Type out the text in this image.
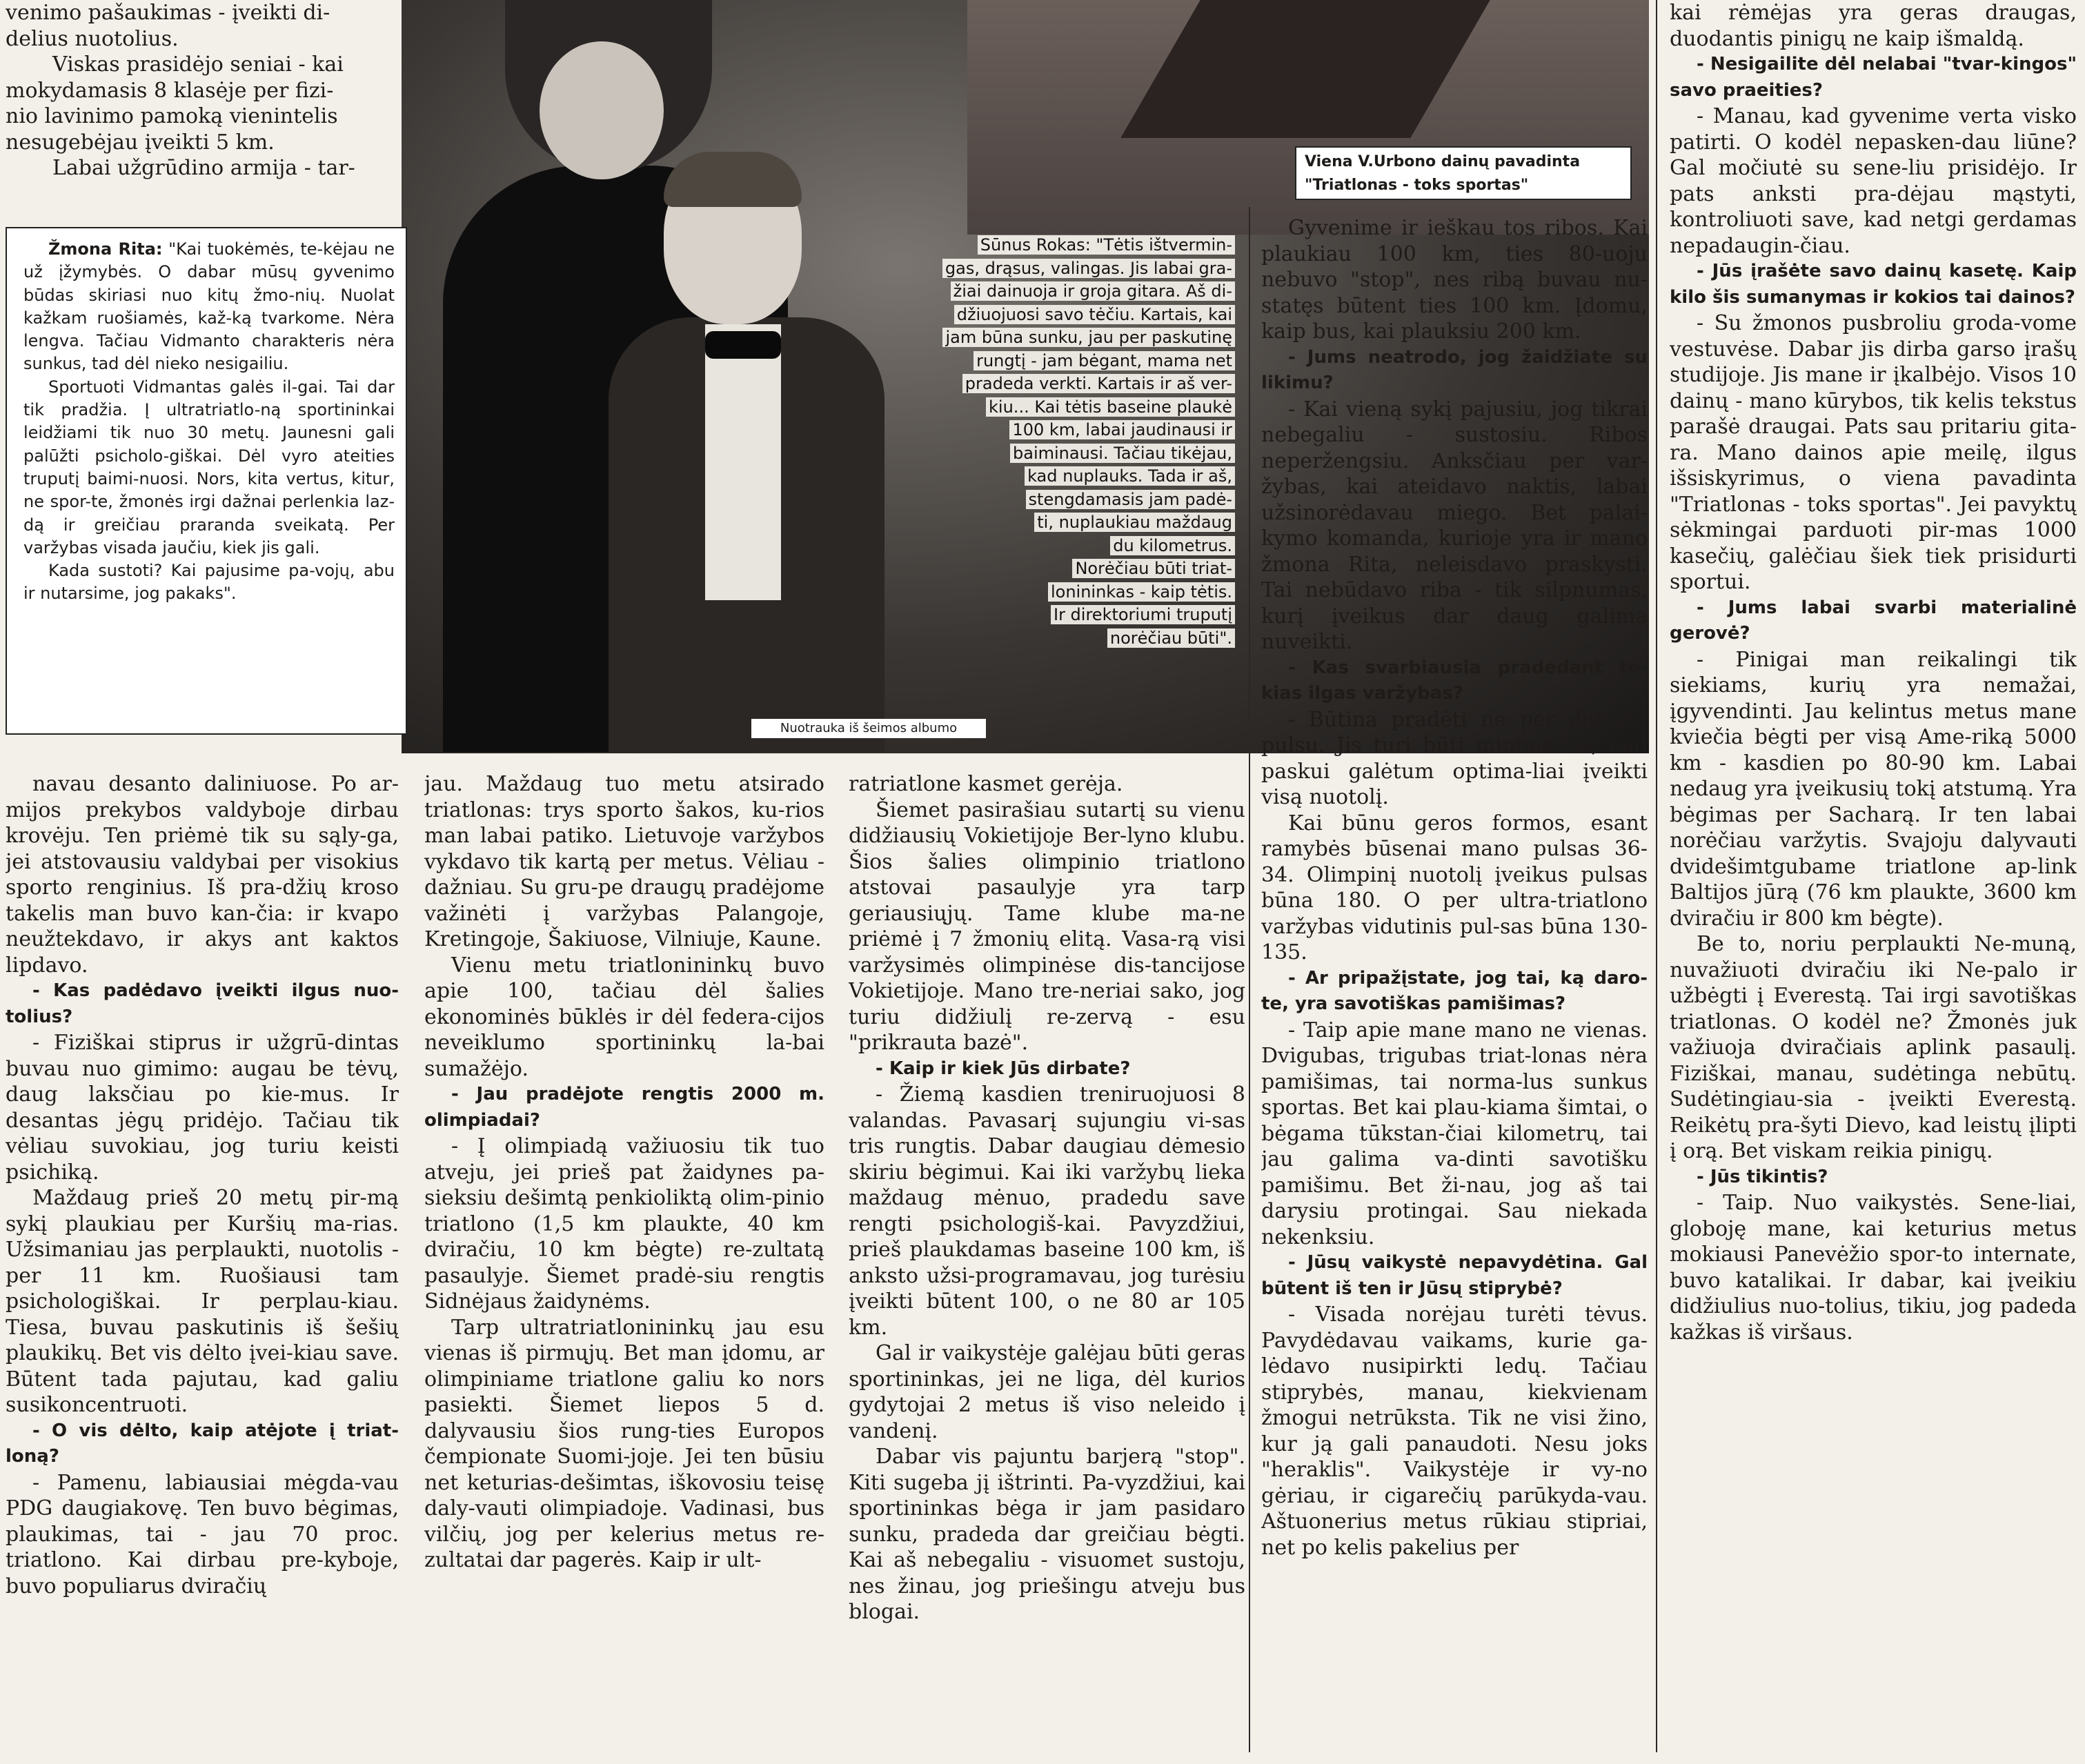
venimo pašaukimas - įveikti di-
delius nuotolius.
Viskas prasidėjo seniai - kai
mokydamasis 8 klasėje per fizi-
nio lavinimo pamoką vienintelis
nesugebėjau įveikti 5 km.
Labai užgrūdino armija - tar-	Viena V.Urbono dainų pavadinta
"Triatlonas - toks sportas"

Žmona Rita: "Kai tuokėmės, te-kėjau ne už įžymybės. O dabar mūsų gyvenimo būdas skiriasi nuo kitų žmo-nių. Nuolat kažkam ruošiamės, kaž-ką tvarkome. Nėra lengva. Tačiau Vidmanto charakteris nėra sunkus, tad dėl nieko nesigailiu.

Sportuoti Vidmantas galės il-gai. Tai dar tik pradžia. Į ultratriatlo-ną sportininkai leidžiami tik nuo 30 metų. Jaunesni gali palūžti psicholo-giškai. Dėl vyro ateities truputį baimi-nuosi. Nors, kita vertus, kitur, ne spor-te, žmonės irgi dažnai perlenkia laz-dą ir greičiau praranda sveikatą. Per varžybas visada jaučiu, kiek jis gali.

Kada sustoti? Kai pajusime pa-vojų, abu ir nutarsime, jog pakaks".

Sūnus Rokas: "Tėtis ištvermin-
gas, drąsus, valingas. Jis labai gra-
žiai dainuoja ir groja gitara. Aš di-
džiuojuosi savo tėčiu. Kartais, kai
jam būna sunku, jau per paskutinę
rungtį - jam bėgant, mama net
pradeda verkti. Kartais ir aš ver-
kiu... Kai tėtis baseine plaukė
100 km, labai jaudinausi ir
baiminausi. Tačiau tikėjau,
kad nuplauks. Tada ir aš,
stengdamasis jam padė-
ti, nuplaukiau maždaug
du kilometrus.
Norėčiau būti triat-
lonininkas - kaip tėtis.
Ir direktoriumi truputį
norėčiau būti".
Nuotrauka iš šeimos albumo

navau desanto daliniuose. Po ar-mijos prekybos valdyboje dirbau krovėju. Ten priėmė tik su sąly-ga, jei atstovausiu valdybai per visokius sporto renginius. Iš pra-džių kroso takelis man buvo kan-čia: ir kvapo neužtekdavo, ir akys ant kaktos lipdavo.

- Kas padėdavo įveikti ilgus nuo-tolius?

- Fiziškai stiprus ir užgrū-dintas buvau nuo gimimo: augau be tėvų, daug laksčiau po kie-mus. Ir desantas jėgų pridėjo. Tačiau tik vėliau suvokiau, jog turiu keisti psichiką.

Maždaug prieš 20 metų pir-mą sykį plaukiau per Kuršių ma-rias. Užsimaniau jas perplaukti, nuotolis - per 11 km. Ruošiausi tam psichologiškai. Ir perplau-kiau. Tiesa, buvau paskutinis iš šešių plaukikų. Bet vis dėlto įvei-kiau save. Būtent tada pajutau, kad galiu susikoncentruoti.

- O vis dėlto, kaip atėjote į triat-loną?

- Pamenu, labiausiai mėgda-vau PDG daugiakovę. Ten buvo bėgimas, plaukimas, tai - jau 70 proc. triatlono. Kai dirbau pre-kyboje, buvo populiarus dviračių

jau. Maždaug tuo metu atsirado triatlonas: trys sporto šakos, ku-rios man labai patiko. Lietuvoje varžybos vykdavo tik kartą per metus. Vėliau - dažniau. Su gru-pe draugų pradėjome važinėti į varžybas Palangoje, Kretingoje, Šakiuose, Vilniuje, Kaune.

Vienu metu triatlonininkų buvo apie 100, tačiau dėl šalies ekonominės būklės ir dėl federa-cijos neveiklumo sportininkų la-bai sumažėjo.

- Jau pradėjote rengtis 2000 m. olimpiadai?

- Į olimpiadą važiuosiu tik tuo atveju, jei prieš pat žaidynes pa-sieksiu dešimtą penkioliktą olim-pinio triatlono (1,5 km plaukte, 40 km dviračiu, 10 km bėgte) re-zultatą pasaulyje. Šiemet pradė-siu rengtis Sidnėjaus žaidynėms.

Tarp ultratriatlonininkų jau esu vienas iš pirmųjų. Bet man įdomu, ar olimpiniame triatlone galiu ko nors pasiekti. Šiemet liepos 5 d. dalyvausiu šios rung-ties Europos čempionate Suomi-joje. Jei ten būsiu net keturias-dešimtas, iškovosiu teisę daly-vauti olimpiadoje. Vadinasi, bus vilčių, jog per kelerius metus re-zultatai dar pagerės. Kaip ir ult-

ratriatlone kasmet gerėja.

Šiemet pasirašiau sutartį su vienu didžiausių Vokietijoje Ber-lyno klubu. Šios šalies olimpinio triatlono atstovai pasaulyje yra tarp geriausiųjų. Tame klube ma-ne priėmė į 7 žmonių elitą. Vasa-rą visi varžysimės olimpinėse dis-tancijose Vokietijoje. Mano tre-neriai sako, jog turiu didžiulį re-zervą - esu "prikrauta bazė".

- Kaip ir kiek Jūs dirbate?

- Žiemą kasdien treniruojuosi 8 valandas. Pavasarį sujungiu vi-sas tris rungtis. Dabar daugiau dėmesio skiriu bėgimui. Kai iki varžybų lieka maždaug mėnuo, pradedu save rengti psichologiš-kai. Pavyzdžiui, prieš plaukdamas baseine 100 km, iš anksto užsi-programavau, jog turėsiu įveikti būtent 100, o ne 80 ar 105 km.

Gal ir vaikystėje galėjau būti geras sportininkas, jei ne liga, dėl kurios gydytojai 2 metus iš viso neleido į vandenį.

Dabar vis pajuntu barjerą "stop". Kiti sugeba jį ištrinti. Pa-vyzdžiui, kai sportininkas bėga ir jam pasidaro sunku, pradeda dar greičiau bėgti. Kai aš nebegaliu - visuomet sustoju, nes žinau, jog priešingu atveju bus blogai.

Gyvenime ir ieškau tos ribos. Kai plaukiau 100 km, ties 80-uoju nebuvo "stop", nes ribą buvau nu-statęs būtent ties 100 km. Įdomu, kaip bus, kai plauksiu 200 km.

- Jums neatrodo, jog žaidžiate su likimu?

- Kai vieną sykį pajusiu, jog tikrai nebegaliu - sustosiu. Ribos neperžengsiu. Anksčiau per var-žybas, kai ateidavo naktis, labai užsinorėdavau miego. Bet palai-kymo komanda, kurioje yra ir mano žmona Rita, neleisdavo praskysti. Tai nebūdavo riba - tik silpnumas, kurį įveikus dar daug galima nuveikti.

- Kas svarbiausia pradedant to-kias ilgas varžybas?

- Būtina pradėti ne per dide-liu pulsu. Jis turi būti minima-lus, kad paskui galėtum optima-liai įveikti visą nuotolį.

Kai būnu geros formos, esant ramybės būsenai mano pulsas 36-34. Olimpinį nuotolį įveikus pulsas būna 180. O per ultra-triatlono varžybas vidutinis pul-sas būna 130-135.

- Ar pripažįstate, jog tai, ką daro-te, yra savotiškas pamišimas?

- Taip apie mane mano ne vienas. Dvigubas, trigubas triat-lonas nėra pamišimas, tai norma-lus sunkus sportas. Bet kai plau-kiama šimtai, o bėgama tūkstan-čiai kilometrų, tai jau galima va-dinti savotišku pamišimu. Bet ži-nau, jog aš tai darysiu protingai. Sau niekada nekenksiu.

- Jūsų vaikystė nepavydėtina. Gal būtent iš ten ir Jūsų stiprybė?

- Visada norėjau turėti tėvus. Pavydėdavau vaikams, kurie ga-lėdavo nusipirkti ledų. Tačiau stiprybės, manau, kiekvienam žmogui netrūksta. Tik ne visi žino, kur ją gali panaudoti. Nesu joks "heraklis". Vaikystėje ir vy-no gėriau, ir cigarečių parūkyda-vau. Aštuonerius metus rūkiau stipriai, net po kelis pakelius per

kai rėmėjas yra geras draugas, duodantis pinigų ne kaip išmaldą.

- Nesigailite dėl nelabai "tvar-kingos" savo praeities?

- Manau, kad gyvenime verta visko patirti. O kodėl nepasken-dau liūne? Gal močiutė su sene-liu prisidėjo. Ir pats anksti pra-dėjau mąstyti, kontroliuoti save, kad netgi gerdamas nepadaugin-čiau.

- Jūs įrašėte savo dainų kasetę. Kaip kilo šis sumanymas ir kokios tai dainos?

- Su žmonos pusbroliu groda-vome vestuvėse. Dabar jis dirba garso įrašų studijoje. Jis mane ir įkalbėjo. Visos 10 dainų - mano kūrybos, tik kelis tekstus parašė draugai. Pats sau pritariu gita-ra. Mano dainos apie meilę, ilgus išsiskyrimus, o viena pavadinta "Triatlonas - toks sportas". Jei pavyktų sėkmingai parduoti pir-mas 1000 kasečių, galėčiau šiek tiek prisidurti sportui.

- Jums labai svarbi materialinė gerovė?

- Pinigai man reikalingi tik siekiams, kurių yra nemažai, įgyvendinti. Jau kelintus metus mane kviečia bėgti per visą Ame-riką 5000 km - kasdien po 80-90 km. Labai nedaug yra įveikusių tokį atstumą. Yra bėgimas per Sacharą. Ir ten labai norėčiau varžytis. Svajoju dalyvauti dvidešimtgubame triatlone ap-link Baltijos jūrą (76 km plaukte, 3600 km dviračiu ir 800 km bėgte).

Be to, noriu perplaukti Ne-muną, nuvažiuoti dviračiu iki Ne-palo ir užbėgti į Everestą. Tai irgi savotiškas triatlonas. O kodėl ne? Žmonės juk važiuoja dviračiais aplink pasaulį. Fiziškai, manau, sudėtinga nebūtų. Sudėtingiau-sia - įveikti Everestą. Reikėtų pra-šyti Dievo, kad leistų įlipti į orą. Bet viskam reikia pinigų.

- Jūs tikintis?

- Taip. Nuo vaikystės. Sene-liai, globoję mane, kai keturius metus mokiausi Panevėžio spor-to internate, buvo katalikai. Ir dabar, kai įveikiu didžiulius nuo-tolius, tikiu, jog padeda kažkas iš viršaus.
